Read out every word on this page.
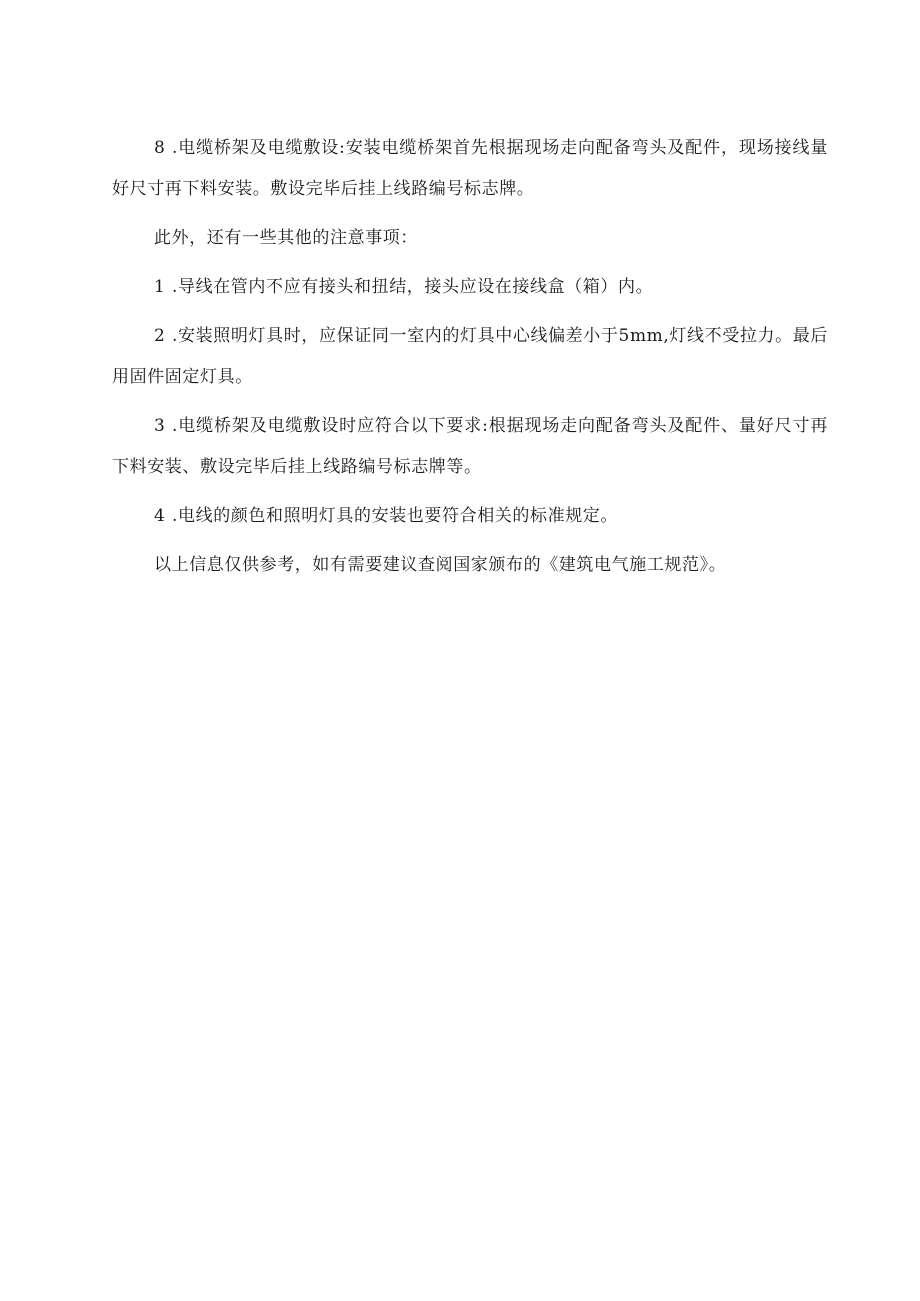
8 .电缆桥架及电缆敷设:安装电缆桥架首先根据现场走向配备弯头及配件，现场接线量好尺寸再下料安装。敷设完毕后挂上线路编号标志牌。

此外，还有一些其他的注意事项：

1 .导线在管内不应有接头和扭结，接头应设在接线盒（箱）内。

2 .安装照明灯具时，应保证同一室内的灯具中心线偏差小于5mm,灯线不受拉力。最后用固件固定灯具。

3 .电缆桥架及电缆敷设时应符合以下要求:根据现场走向配备弯头及配件、量好尺寸再下料安装、敷设完毕后挂上线路编号标志牌等。

4 .电线的颜色和照明灯具的安装也要符合相关的标准规定。

以上信息仅供参考，如有需要建议查阅国家颁布的《建筑电气施工规范》。
